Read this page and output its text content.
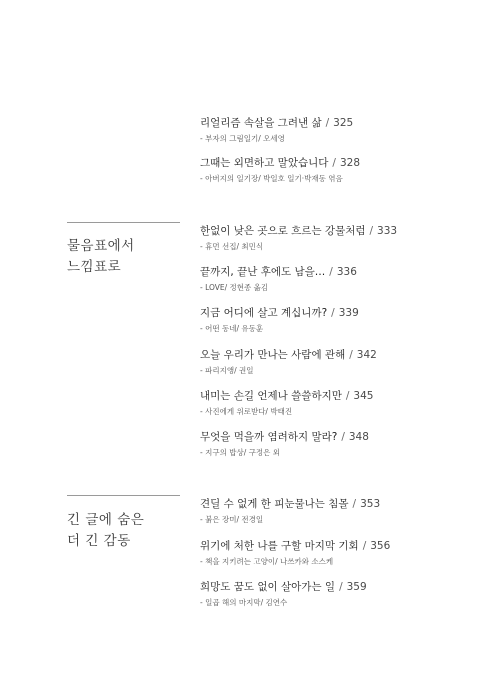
리얼리즘 속살을 그려낸 삶 / 325
- 부자의 그림일기/ 오세영
그때는 외면하고 말았습니다 / 328
- 아버지의 일기장/ 박일호 일기·박재동 엮음
물음표에서
느낌표로
한없이 낮은 곳으로 흐르는 강물처럼 / 333
- 휴먼 선집/ 최민식
끝까지, 끝난 후에도 남을… / 336
- LOVE/ 정현종 옮김
지금 어디에 살고 계십니까? / 339
- 어떤 동네/ 유동훈
오늘 우리가 만나는 사람에 관해 / 342
- 파리지앵/ 권일
내미는 손길 언제나 쓸쓸하지만 / 345
- 사진에게 위로받다/ 박태진
무엇을 먹을까 염려하지 말라? / 348
- 지구의 밥상/ 구정은 외
긴 글에 숨은
더 긴 감동
견딜 수 없게 한 피눈물나는 침몰 / 353
- 붉은 장미/ 전경일
위기에 처한 나를 구할 마지막 기회 / 356
- 책을 지키려는 고양이/ 나쓰카와 소스케
희망도 꿈도 없이 살아가는 일 / 359
- 일곱 해의 마지막/ 김연수
